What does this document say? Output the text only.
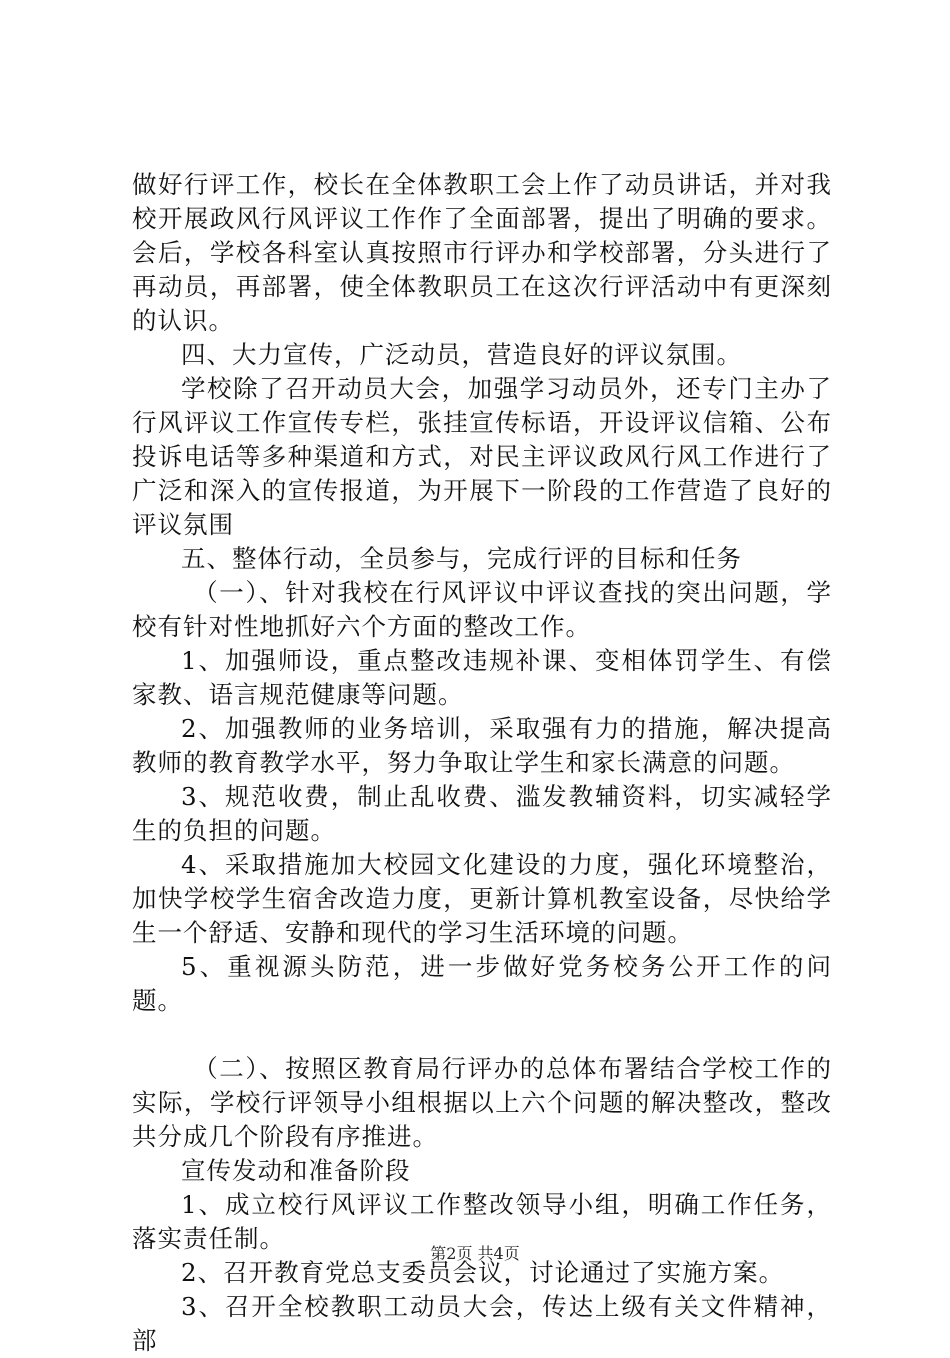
做好行评工作，校长在全体教职工会上作了动员讲话，并对我校开展政风行风评议工作作了全面部署，提出了明确的要求。会后，学校各科室认真按照市行评办和学校部署，分头进行了再动员，再部署，使全体教职员工在这次行评活动中有更深刻的认识。

四、大力宣传，广泛动员，营造良好的评议氛围。

学校除了召开动员大会，加强学习动员外，还专门主办了行风评议工作宣传专栏，张挂宣传标语，开设评议信箱、公布投诉电话等多种渠道和方式，对民主评议政风行风工作进行了广泛和深入的宣传报道，为开展下一阶段的工作营造了良好的评议氛围

五、整体行动，全员参与，完成行评的目标和任务

（一）、针对我校在行风评议中评议查找的突出问题，学校有针对性地抓好六个方面的整改工作。

1、加强师设，重点整改违规补课、变相体罚学生、有偿家教、语言规范健康等问题。

2、加强教师的业务培训，采取强有力的措施，解决提高教师的教育教学水平，努力争取让学生和家长满意的问题。

3、规范收费，制止乱收费、滥发教辅资料，切实减轻学生的负担的问题。

4、采取措施加大校园文化建设的力度，强化环境整治，加快学校学生宿舍改造力度，更新计算机教室设备，尽快给学生一个舒适、安静和现代的学习生活环境的问题。

5、重视源头防范，进一步做好党务校务公开工作的问题。

（二）、按照区教育局行评办的总体布署结合学校工作的实际，学校行评领导小组根据以上六个问题的解决整改，整改共分成几个阶段有序推进。

宣传发动和准备阶段

1、成立校行风评议工作整改领导小组，明确工作任务，落实责任制。

2、召开教育党总支委员会议，讨论通过了实施方案。

3、召开全校教职工动员大会，传达上级有关文件精神，部

第2页 共4页
